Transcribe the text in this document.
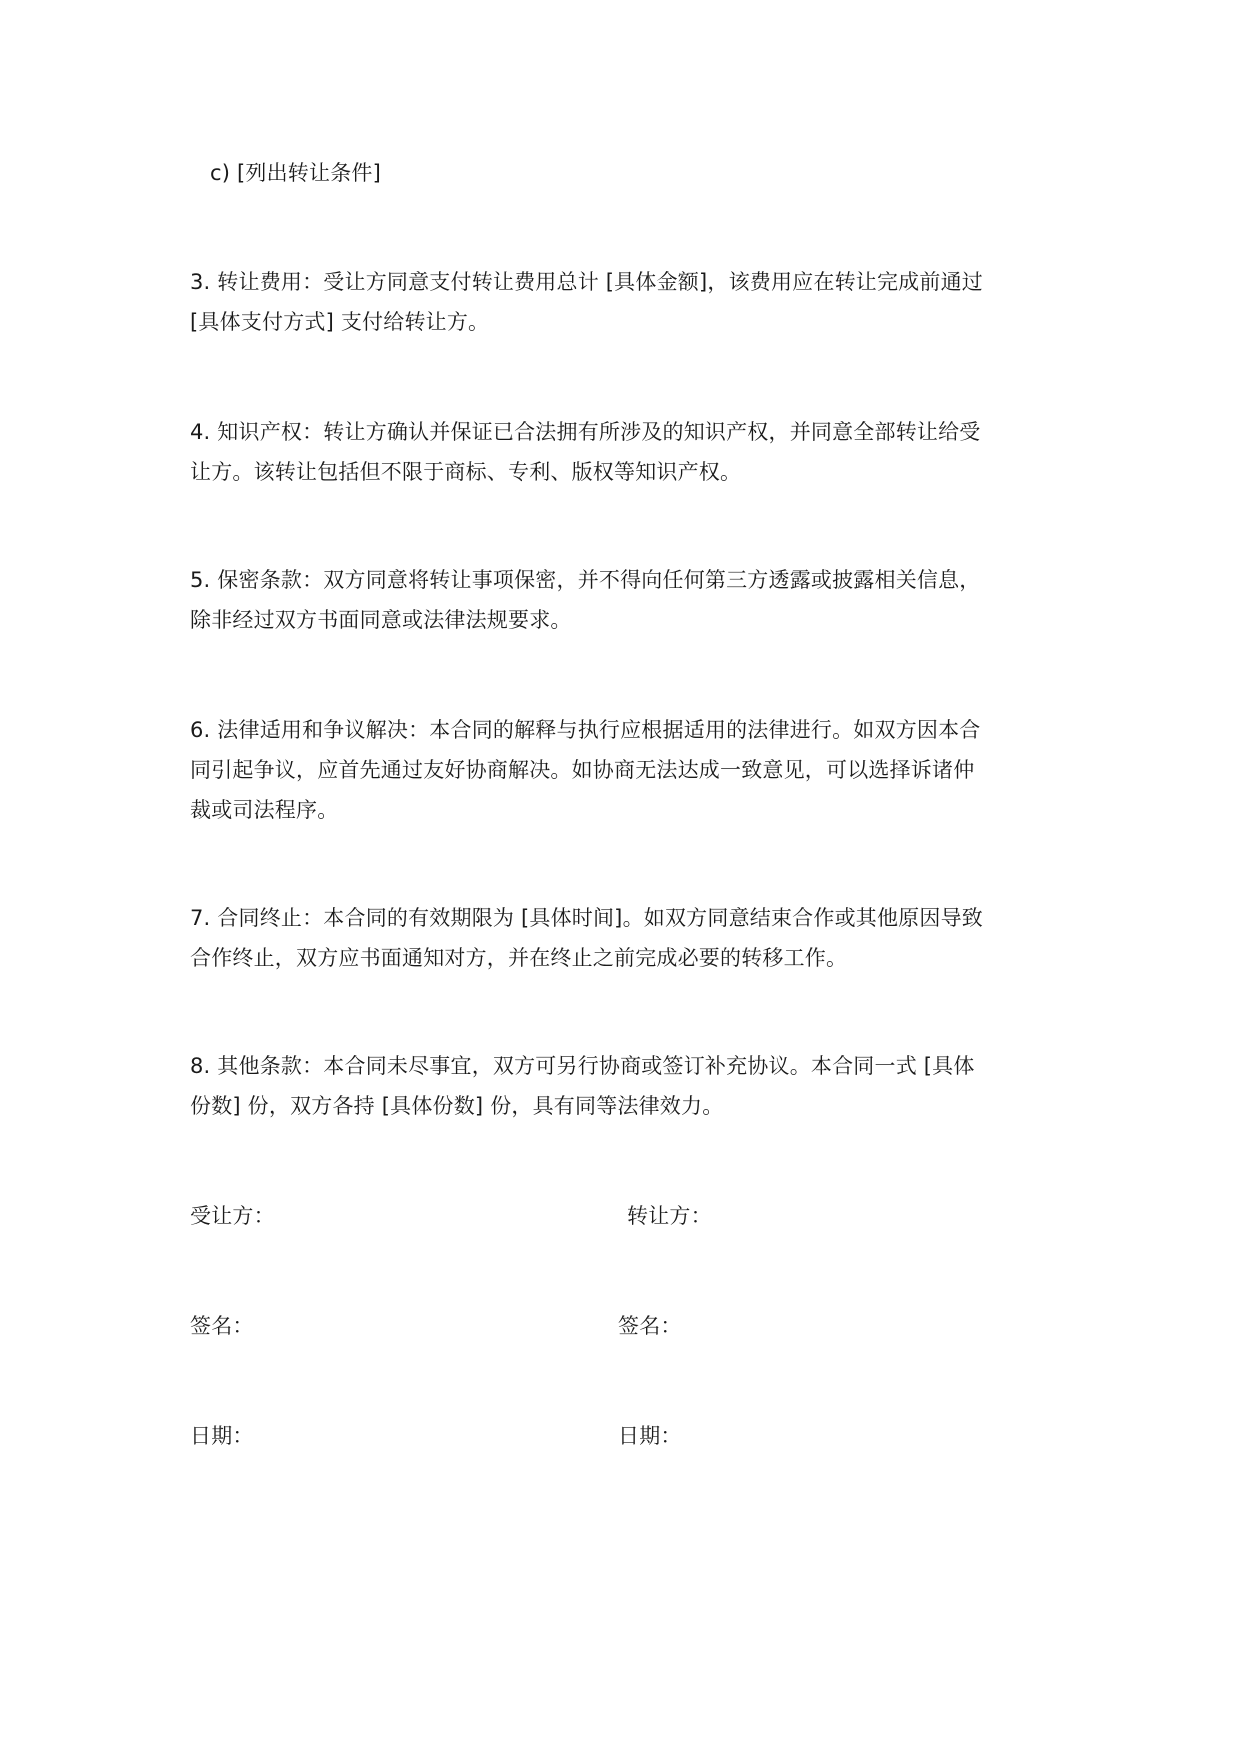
c) [列出转让条件]
3. 转让费用：受让方同意支付转让费用总计 [具体金额]，该费用应在转让完成前通过
[具体支付方式] 支付给转让方。
4. 知识产权：转让方确认并保证已合法拥有所涉及的知识产权，并同意全部转让给受
让方。该转让包括但不限于商标、专利、版权等知识产权。
5. 保密条款：双方同意将转让事项保密，并不得向任何第三方透露或披露相关信息，
除非经过双方书面同意或法律法规要求。
6. 法律适用和争议解决：本合同的解释与执行应根据适用的法律进行。如双方因本合
同引起争议，应首先通过友好协商解决。如协商无法达成一致意见，可以选择诉诸仲
裁或司法程序。
7. 合同终止：本合同的有效期限为 [具体时间]。如双方同意结束合作或其他原因导致
合作终止，双方应书面通知对方，并在终止之前完成必要的转移工作。
8. 其他条款：本合同未尽事宜，双方可另行协商或签订补充协议。本合同一式 [具体
份数] 份，双方各持 [具体份数] 份，具有同等法律效力。
受让方：	转让方：
签名：	签名：
日期：	日期：
